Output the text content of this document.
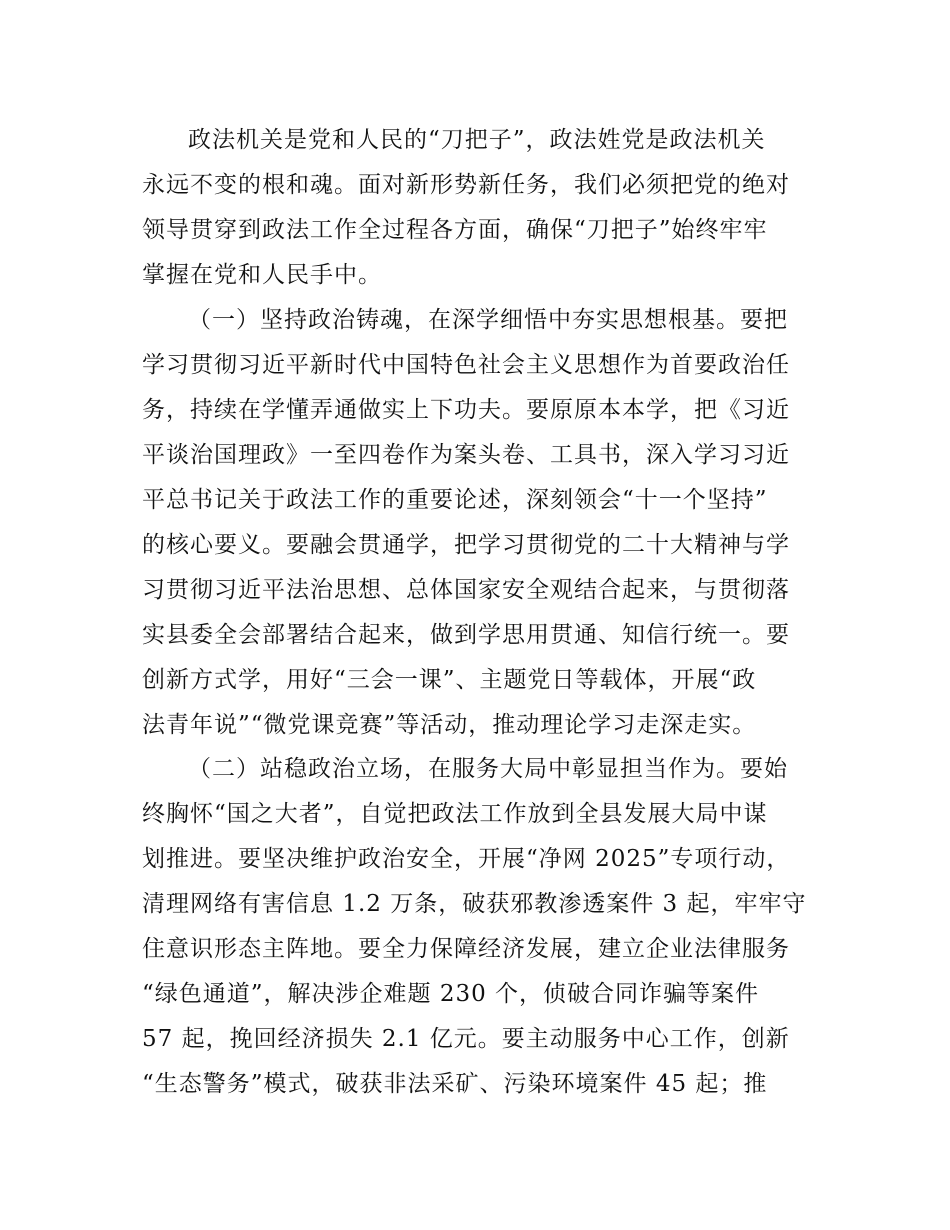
政法机关是党和人民的“刀把子”，政法姓党是政法机关
永远不变的根和魂。面对新形势新任务，我们必须把党的绝对
领导贯穿到政法工作全过程各方面，确保“刀把子”始终牢牢
掌握在党和人民手中。
（一）坚持政治铸魂，在深学细悟中夯实思想根基。要把
学习贯彻习近平新时代中国特色社会主义思想作为首要政治任
务，持续在学懂弄通做实上下功夫。要原原本本学，把《习近
平谈治国理政》一至四卷作为案头卷、工具书，深入学习习近
平总书记关于政法工作的重要论述，深刻领会“十一个坚持”
的核心要义。要融会贯通学，把学习贯彻党的二十大精神与学
习贯彻习近平法治思想、总体国家安全观结合起来，与贯彻落
实县委全会部署结合起来，做到学思用贯通、知信行统一。要
创新方式学，用好“三会一课”、主题党日等载体，开展“政
法青年说”“微党课竞赛”等活动，推动理论学习走深走实。
（二）站稳政治立场，在服务大局中彰显担当作为。要始
终胸怀“国之大者”，自觉把政法工作放到全县发展大局中谋
划推进。要坚决维护政治安全，开展“净网 2025”专项行动，
清理网络有害信息 1.2 万条，破获邪教渗透案件 3 起，牢牢守
住意识形态主阵地。要全力保障经济发展，建立企业法律服务
“绿色通道”，解决涉企难题 230 个，侦破合同诈骗等案件
57 起，挽回经济损失 2.1 亿元。要主动服务中心工作，创新
“生态警务”模式，破获非法采矿、污染环境案件 45 起；推
